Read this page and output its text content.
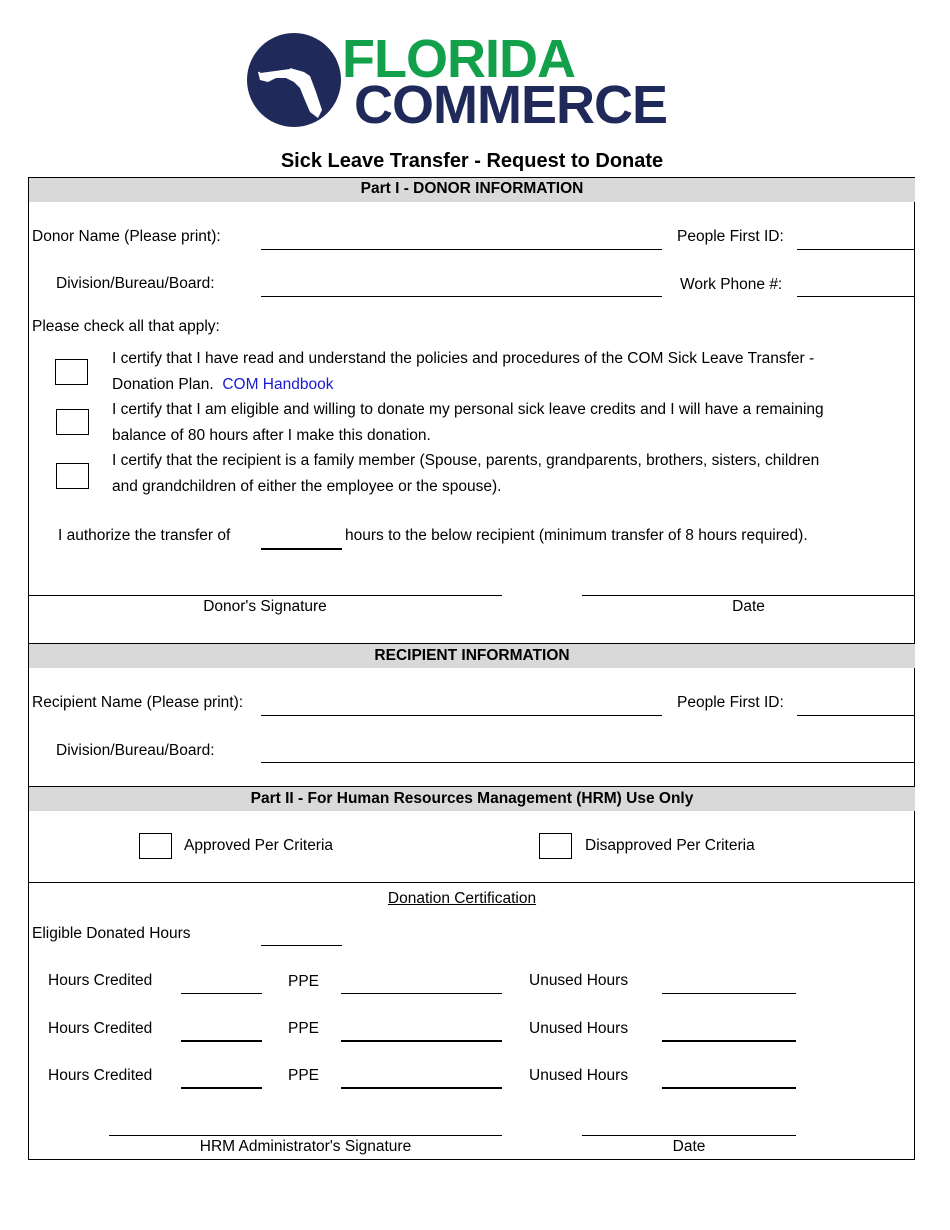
FLORIDA
COMMERCE
Sick Leave Transfer - Request to Donate
Part I - DONOR INFORMATION
Donor Name (Please print):	People First ID:
Division/Bureau/Board:	Work Phone #:
Please check all that apply:
I certify that I have read and understand the policies and procedures of the COM Sick Leave Transfer -
Donation Plan. COM Handbook
I certify that I am eligible and willing to donate my personal sick leave credits and I will have a remaining
balance of 80 hours after I make this donation.
I certify that the recipient is a family member (Spouse, parents, grandparents, brothers, sisters, children
and grandchildren of either the employee or the spouse).
I authorize the transfer of	hours to the below recipient (minimum transfer of 8 hours required).
Donor's Signature	Date
RECIPIENT INFORMATION
Recipient Name (Please print):	People First ID:
Division/Bureau/Board:
Part II - For Human Resources Management (HRM) Use Only
Approved Per Criteria	Disapproved Per Criteria
Donation Certification
Eligible Donated Hours
Hours Credited	PPE	Unused Hours
Hours Credited	PPE	Unused Hours
Hours Credited	PPE	Unused Hours
HRM Administrator's Signature	Date
